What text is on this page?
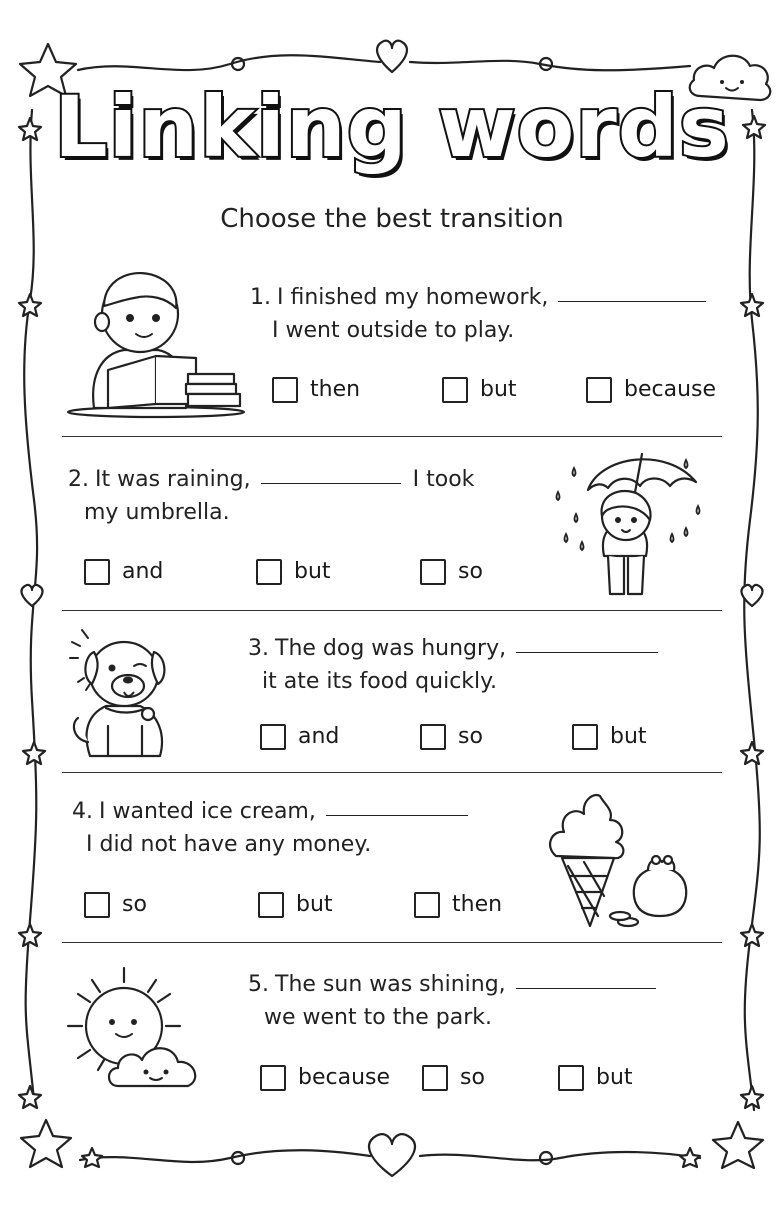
Linking words
Choose the best transition
1. I finished my homework,
I went outside to play.
then	but	because
2. It was raining,	I took
my umbrella.
and	but	so
3. The dog was hungry,
it ate its food quickly.
and	so	but
4. I wanted ice cream,
I did not have any money.
so	but	then
5. The sun was shining,
we went to the park.
because	so	but
